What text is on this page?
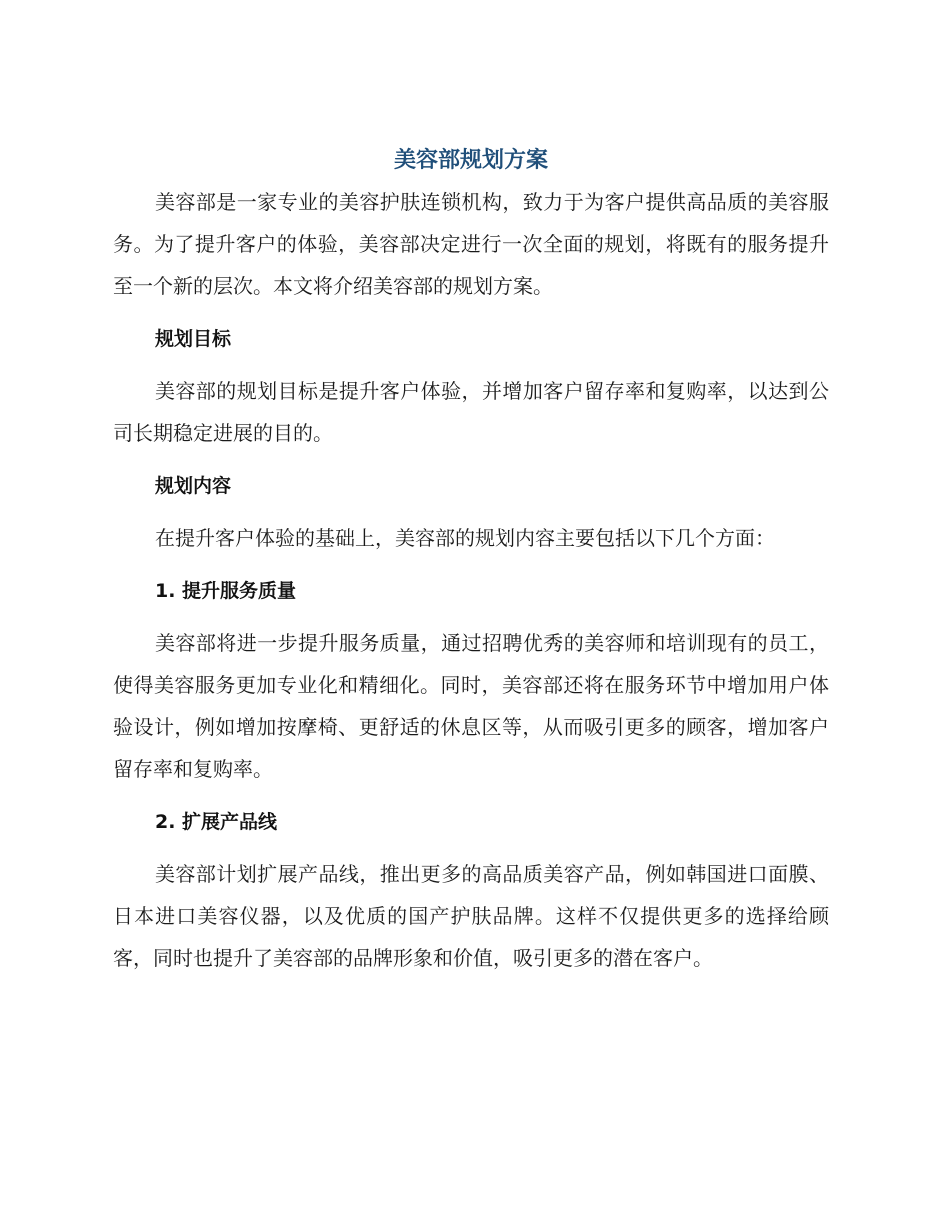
美容部规划方案

美容部是一家专业的美容护肤连锁机构，致力于为客户提供高品质的美容服务。为了提升客户的体验，美容部决定进行一次全面的规划，将既有的服务提升至一个新的层次。本文将介绍美容部的规划方案。

规划目标

美容部的规划目标是提升客户体验，并增加客户留存率和复购率，以达到公司长期稳定进展的目的。

规划内容

在提升客户体验的基础上，美容部的规划内容主要包括以下几个方面：

1. 提升服务质量

美容部将进一步提升服务质量，通过招聘优秀的美容师和培训现有的员工，使得美容服务更加专业化和精细化。同时，美容部还将在服务环节中增加用户体验设计，例如增加按摩椅、更舒适的休息区等，从而吸引更多的顾客，增加客户留存率和复购率。

2. 扩展产品线

美容部计划扩展产品线，推出更多的高品质美容产品，例如韩国进口面膜、日本进口美容仪器，以及优质的国产护肤品牌。这样不仅提供更多的选择给顾客，同时也提升了美容部的品牌形象和价值，吸引更多的潜在客户。
